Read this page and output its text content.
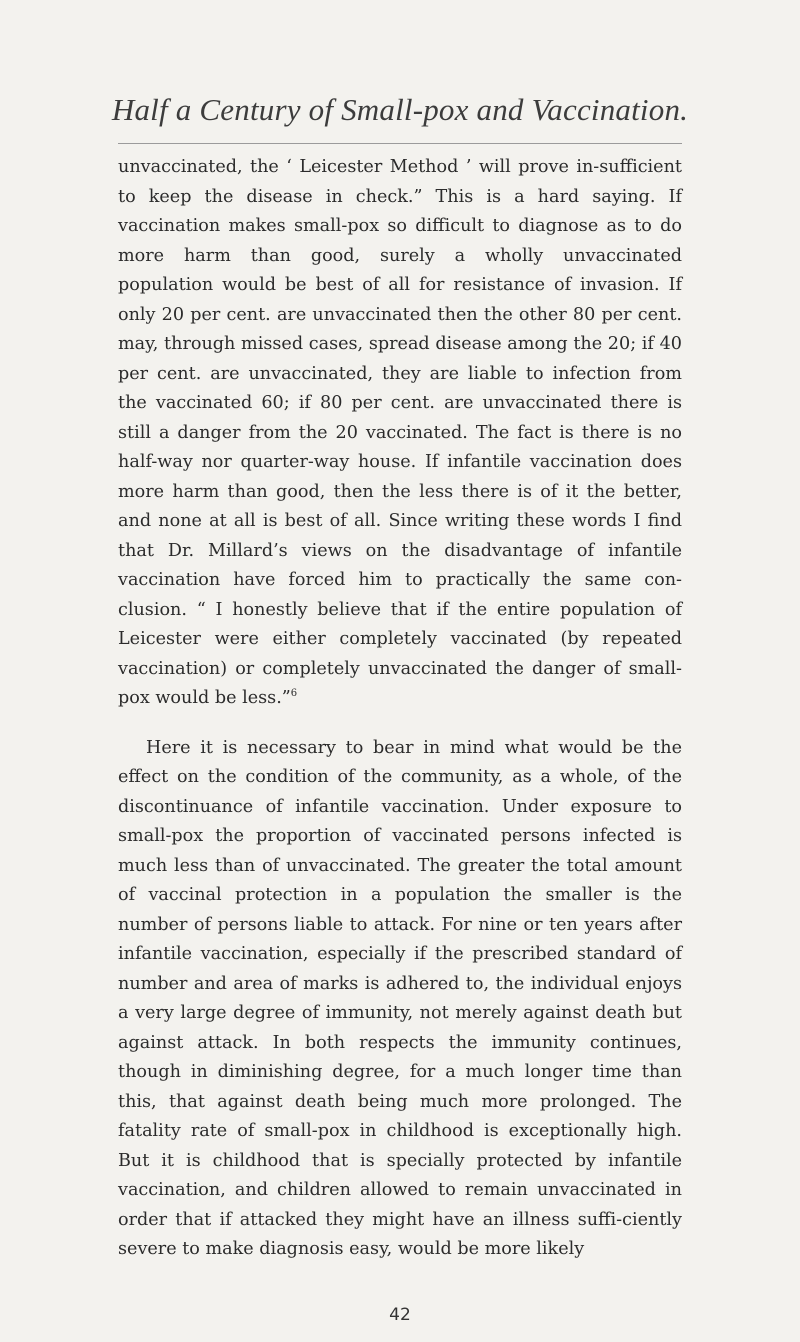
Half a Century of Small-pox and Vaccination.

unvaccinated, the ‘ Leicester Method ’ will prove in-sufficient to keep the disease in check.” This is a hard saying. If vaccination makes small-pox so difficult to diagnose as to do more harm than good, surely a wholly unvaccinated population would be best of all for resistance of invasion. If only 20 per cent. are unvaccinated then the other 80 per cent. may, through missed cases, spread disease among the 20; if 40 per cent. are unvaccinated, they are liable to infection from the vaccinated 60; if 80 per cent. are unvaccinated there is still a danger from the 20 vaccinated. The fact is there is no half-way nor quarter-way house. If infantile vaccination does more harm than good, then the less there is of it the better, and none at all is best of all. Since writing these words I find that Dr. Millard’s views on the disadvantage of infantile vaccination have forced him to practically the same con-clusion. “ I honestly believe that if the entire population of Leicester were either completely vaccinated (by repeated vaccination) or completely unvaccinated the danger of small-pox would be less.”$^6$

Here it is necessary to bear in mind what would be the effect on the condition of the community, as a whole, of the discontinuance of infantile vaccination. Under exposure to small-pox the proportion of vaccinated persons infected is much less than of unvaccinated. The greater the total amount of vaccinal protection in a population the smaller is the number of persons liable to attack. For nine or ten years after infantile vaccination, especially if the prescribed standard of number and area of marks is adhered to, the individual enjoys a very large degree of immunity, not merely against death but against attack. In both respects the immunity continues, though in diminishing degree, for a much longer time than this, that against death being much more prolonged. The fatality rate of small-pox in childhood is exceptionally high. But it is childhood that is specially protected by infantile vaccination, and children allowed to remain unvaccinated in order that if attacked they might have an illness suffi-ciently severe to make diagnosis easy, would be more likely

42
